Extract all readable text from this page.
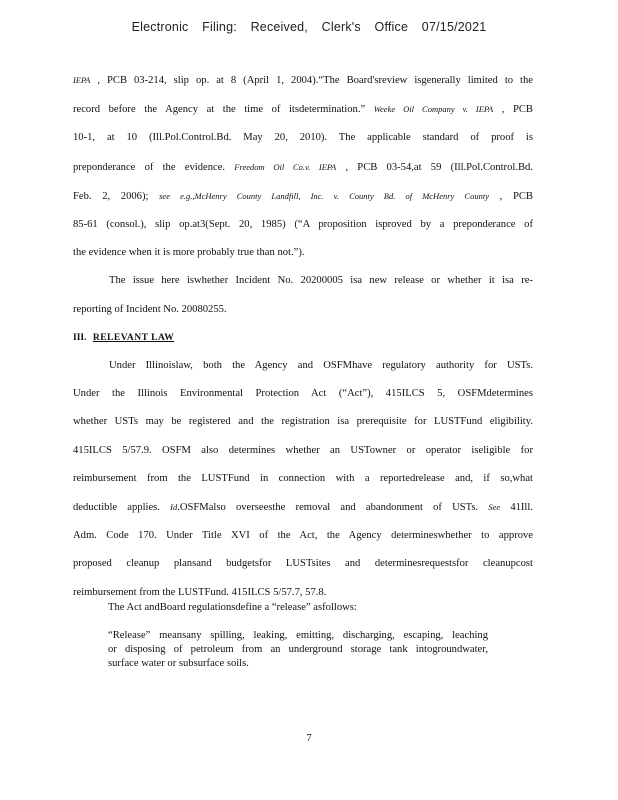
Electronic Filing: Received, Clerk's Office 07/15/2021

IEPA , PCB 03-214, slip op. at 8 (April 1, 2004).“The Board'sreview isgenerally limited to the

record before the Agency at the time of itsdetermination.” Weeke Oil Company v. IEPA , PCB

10-1, at 10 (Ill.Pol.Control.Bd. May 20, 2010). The applicable standard of proof is

preponderance of the evidence. Freedom Oil Co.v. IEPA , PCB 03-54,at 59 (Ill.Pol.Control.Bd.

Feb. 2, 2006); see e.g.,McHenry County Landfill, Inc. v. County Bd. of McHenry County , PCB

85-61 (consol.), slip op.at3(Sept. 20, 1985) (“A proposition isproved by a preponderance of

the evidence when it is more probably true than not.”).

The issue here iswhether Incident No. 20200005 isa new release or whether it isa re-

reporting of Incident No. 20080255.

III. RELEVANT LAW

Under Illinoislaw, both the Agency and OSFMhave regulatory authority for USTs.

Under the Illinois Environmental Protection Act (“Act”), 415ILCS 5, OSFMdetermines

whether USTs may be registered and the registration isa prerequisite for LUSTFund eligibility.

415ILCS 5/57.9. OSFM also determines whether an USTowner or operator iseligible for

reimbursement from the LUSTFund in connection with a reportedrelease and, if so,what

deductible applies. Id.OSFMalso overseesthe removal and abandonment of USTs. See 41Ill.

Adm. Code 170. Under Title XVI of the Act, the Agency determineswhether to approve

proposed cleanup plansand budgetsfor LUSTsites and determinesrequestsfor cleanupcost

reimbursement from the LUSTFund. 415ILCS 5/57.7, 57.8.

The Act andBoard regulationsdefine a “release” asfollows:
“Release” meansany spilling, leaking, emitting, discharging, escaping, leaching
or disposing of petroleum from an underground storage tank intogroundwater,
surface water or subsurface soils.
7
